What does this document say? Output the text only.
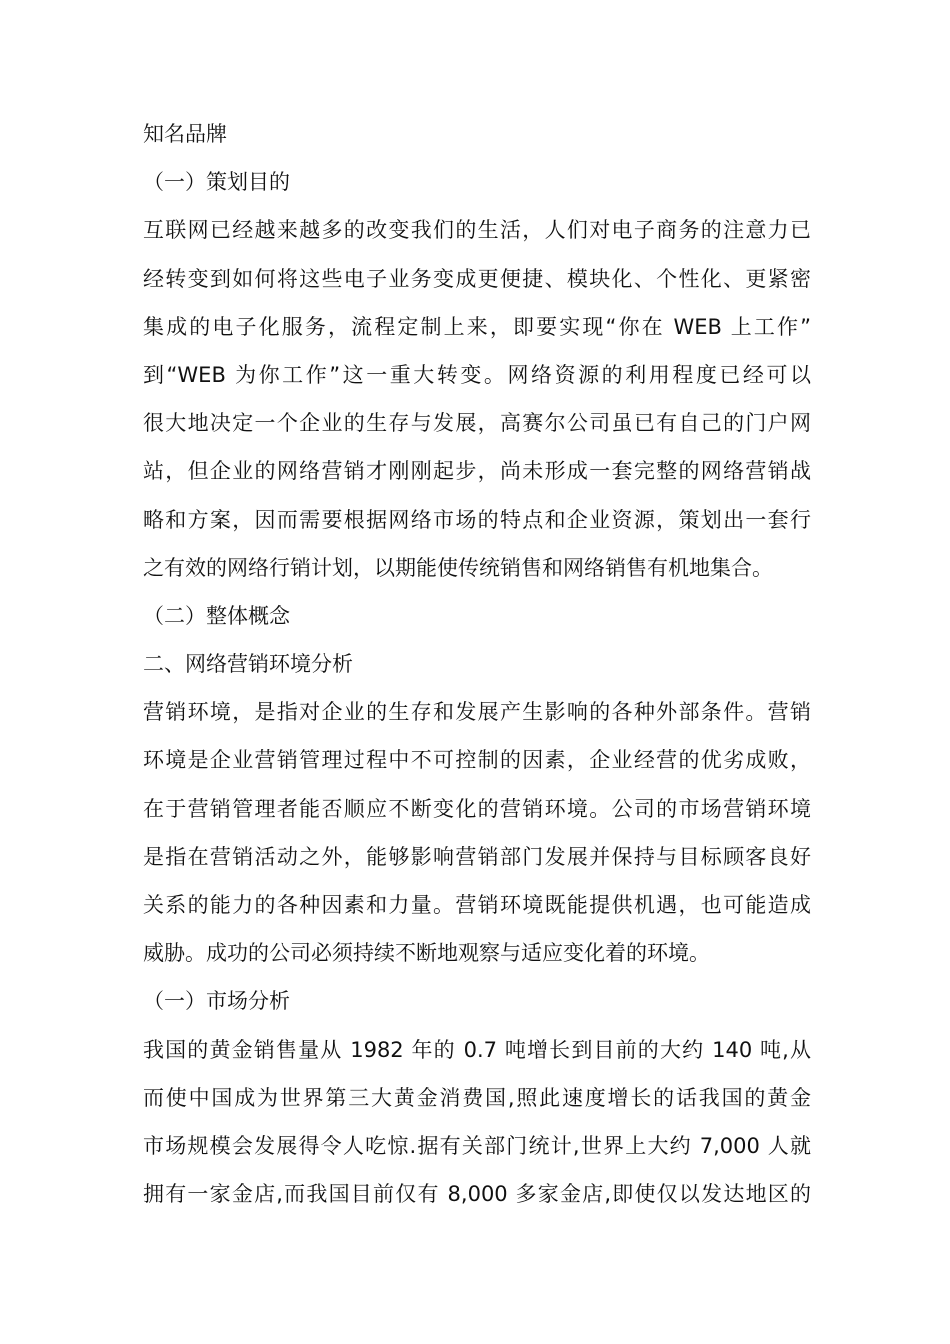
知名品牌
（一）策划目的
互联网已经越来越多的改变我们的生活，人们对电子商务的注意力已
经转变到如何将这些电子业务变成更便捷、模块化、个性化、更紧密
集成的电子化服务，流程定制上来，即要实现“你在 WEB 上工作”
到“WEB 为你工作”这一重大转变。网络资源的利用程度已经可以
很大地决定一个企业的生存与发展，高赛尔公司虽已有自己的门户网
站，但企业的网络营销才刚刚起步，尚未形成一套完整的网络营销战
略和方案，因而需要根据网络市场的特点和企业资源，策划出一套行
之有效的网络行销计划，以期能使传统销售和网络销售有机地集合。
（二）整体概念
二、网络营销环境分析
营销环境，是指对企业的生存和发展产生影响的各种外部条件。营销
环境是企业营销管理过程中不可控制的因素，企业经营的优劣成败，
在于营销管理者能否顺应不断变化的营销环境。公司的市场营销环境
是指在营销活动之外，能够影响营销部门发展并保持与目标顾客良好
关系的能力的各种因素和力量。营销环境既能提供机遇，也可能造成
威胁。成功的公司必须持续不断地观察与适应变化着的环境。
（一）市场分析
我国的黄金销售量从 1982 年的 0.7 吨增长到目前的大约 140 吨,从
而使中国成为世界第三大黄金消费国,照此速度增长的话我国的黄金
市场规模会发展得令人吃惊.据有关部门统计,世界上大约 7,000 人就
拥有一家金店,而我国目前仅有 8,000 多家金店,即使仅以发达地区的
